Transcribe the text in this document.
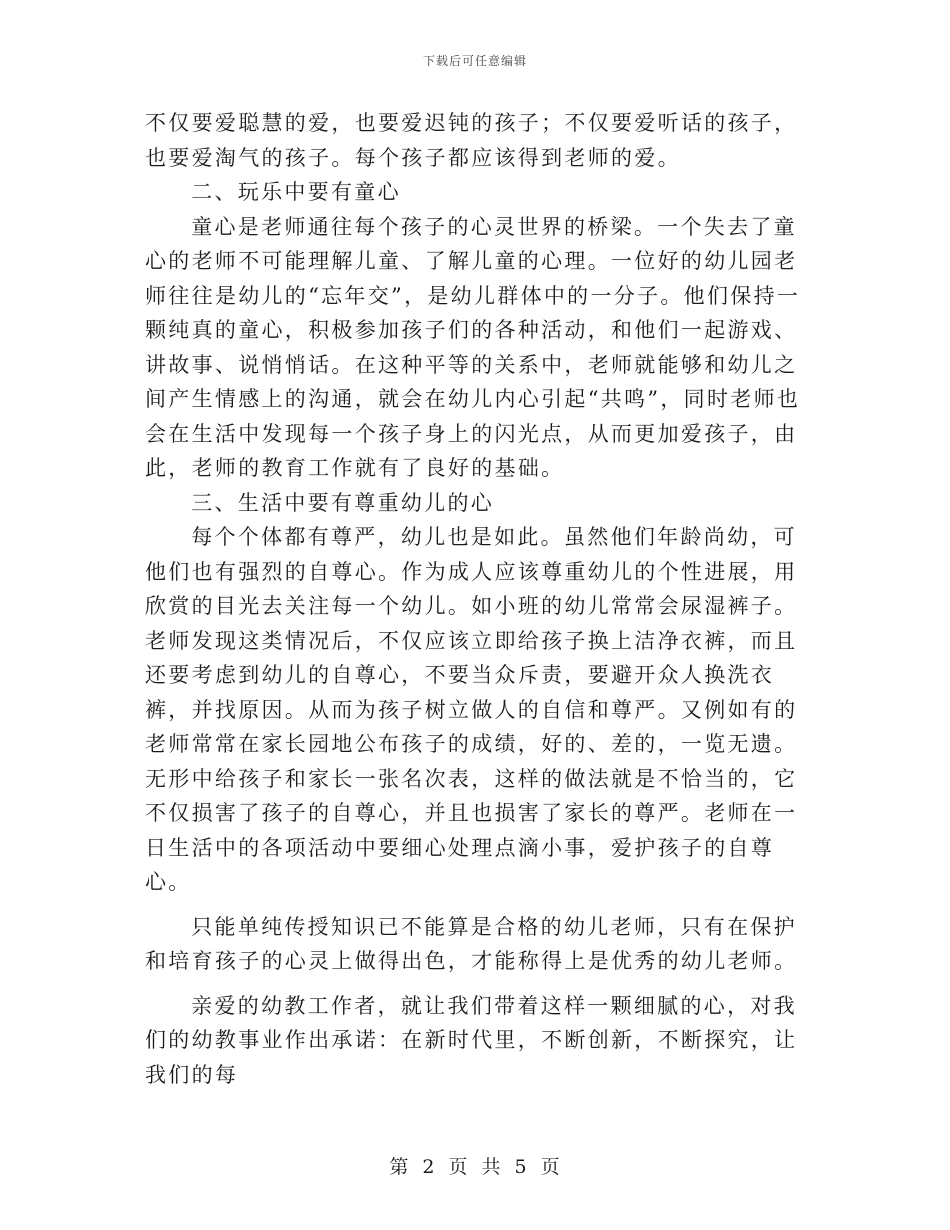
下载后可任意编辑

不仅要爱聪慧的爱，也要爱迟钝的孩子；不仅要爱听话的孩子，也要爱淘气的孩子。每个孩子都应该得到老师的爱。

二、玩乐中要有童心

童心是老师通往每个孩子的心灵世界的桥梁。一个失去了童心的老师不可能理解儿童、了解儿童的心理。一位好的幼儿园老师往往是幼儿的“忘年交”，是幼儿群体中的一分子。他们保持一颗纯真的童心，积极参加孩子们的各种活动，和他们一起游戏、讲故事、说悄悄话。在这种平等的关系中，老师就能够和幼儿之间产生情感上的沟通，就会在幼儿内心引起“共鸣”，同时老师也会在生活中发现每一个孩子身上的闪光点，从而更加爱孩子，由此，老师的教育工作就有了良好的基础。

三、生活中要有尊重幼儿的心

每个个体都有尊严，幼儿也是如此。虽然他们年龄尚幼，可他们也有强烈的自尊心。作为成人应该尊重幼儿的个性进展，用欣赏的目光去关注每一个幼儿。如小班的幼儿常常会尿湿裤子。老师发现这类情况后，不仅应该立即给孩子换上洁净衣裤，而且还要考虑到幼儿的自尊心，不要当众斥责，要避开众人换洗衣裤，并找原因。从而为孩子树立做人的自信和尊严。又例如有的老师常常在家长园地公布孩子的成绩，好的、差的，一览无遗。无形中给孩子和家长一张名次表，这样的做法就是不恰当的，它不仅损害了孩子的自尊心，并且也损害了家长的尊严。老师在一日生活中的各项活动中要细心处理点滴小事，爱护孩子的自尊心。

只能单纯传授知识已不能算是合格的幼儿老师，只有在保护和培育孩子的心灵上做得出色，才能称得上是优秀的幼儿老师。

亲爱的幼教工作者，就让我们带着这样一颗细腻的心，对我们的幼教事业作出承诺：在新时代里，不断创新，不断探究，让我们的每

第 2 页 共 5 页
